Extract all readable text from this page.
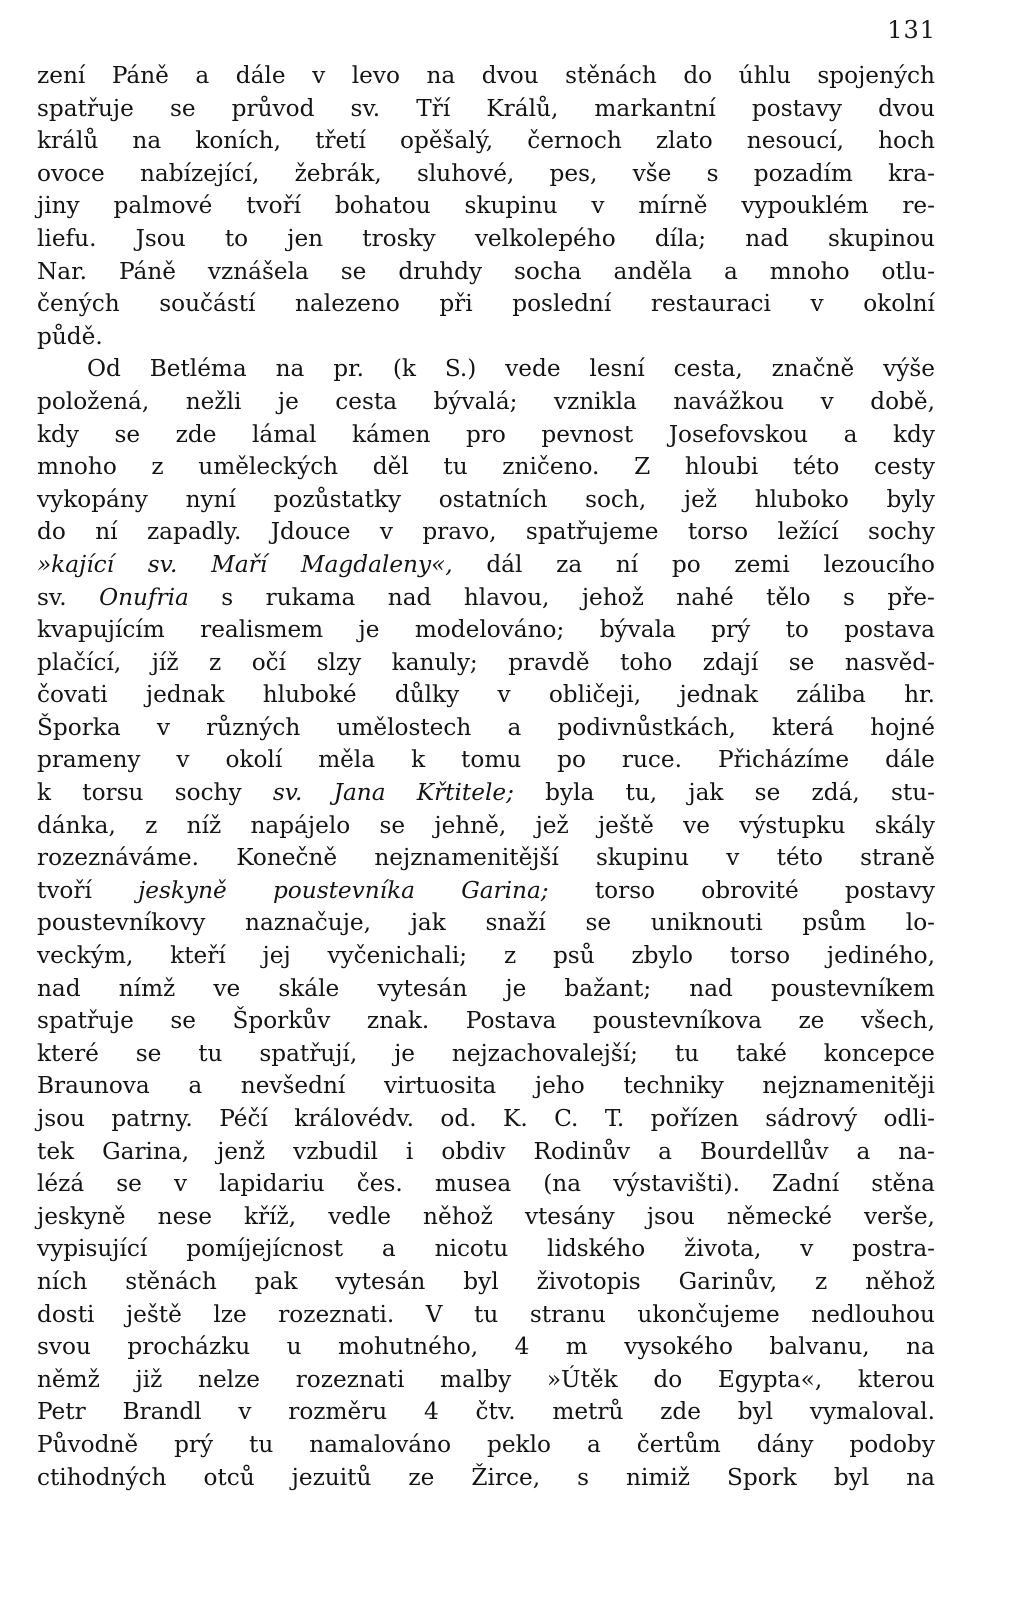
131
zení Páně a dále v levo na dvou stěnách do úhlu spojených
spatřuje se průvod sv. Tří Králů, markantní postavy dvou
králů na koních, třetí opěšalý, černoch zlato nesoucí, hoch
ovoce nabízející, žebrák, sluhové, pes, vše s pozadím kra-
jiny palmové tvoří bohatou skupinu v mírně vypouklém re-
liefu. Jsou to jen trosky velkolepého díla; nad skupinou
Nar. Páně vznášela se druhdy socha anděla a mnoho otlu-
čených součástí nalezeno při poslední restauraci v okolní
půdě.
Od Betléma na pr. (k S.) vede lesní cesta, značně výše
položená, nežli je cesta bývalá; vznikla navážkou v době,
kdy se zde lámal kámen pro pevnost Josefovskou a kdy
mnoho z uměleckých děl tu zničeno. Z hloubi této cesty
vykopány nyní pozůstatky ostatních soch, jež hluboko byly
do ní zapadly. Jdouce v pravo, spatřujeme torso ležící sochy
»kající sv. Maří Magdaleny«, dál za ní po zemi lezoucího
sv. Onufria s rukama nad hlavou, jehož nahé tělo s pře-
kvapujícím realismem je modelováno; bývala prý to postava
plačící, jíž z očí slzy kanuly; pravdě toho zdají se nasvěd-
čovati jednak hluboké důlky v obličeji, jednak záliba hr.
Šporka v různých umělostech a podivnůstkách, která hojné
prameny v okolí měla k tomu po ruce. Přicházíme dále
k torsu sochy sv. Jana Křtitele; byla tu, jak se zdá, stu-
dánka, z níž napájelo se jehně, jež ještě ve výstupku skály
rozeznáváme. Konečně nejznamenitější skupinu v této straně
tvoří jeskyně poustevníka Garina; torso obrovité postavy
poustevníkovy naznačuje, jak snaží se uniknouti psům lo-
veckým, kteří jej vyčenichali; z psů zbylo torso jediného,
nad nímž ve skále vytesán je bažant; nad poustevníkem
spatřuje se Šporkův znak. Postava poustevníkova ze všech,
které se tu spatřují, je nejzachovalejší; tu také koncepce
Braunova a nevšední virtuosita jeho techniky nejznamenitěji
jsou patrny. Péčí královédv. od. K. C. T. pořízen sádrový odli-
tek Garina, jenž vzbudil i obdiv Rodinův a Bourdellův a na-
lézá se v lapidariu čes. musea (na výstavišti). Zadní stěna
jeskyně nese kříž, vedle něhož vtesány jsou německé verše,
vypisující pomíjejícnost a nicotu lidského života, v postra-
ních stěnách pak vytesán byl životopis Garinův, z něhož
dosti ještě lze rozeznati. V tu stranu ukončujeme nedlouhou
svou procházku u mohutného, 4 m vysokého balvanu, na
němž již nelze rozeznati malby »Útěk do Egypta«, kterou
Petr Brandl v rozměru 4 čtv. metrů zde byl vymaloval.
Původně prý tu namalováno peklo a čertům dány podoby
ctihodných otců jezuitů ze Žirce, s nimiž Spork byl na
